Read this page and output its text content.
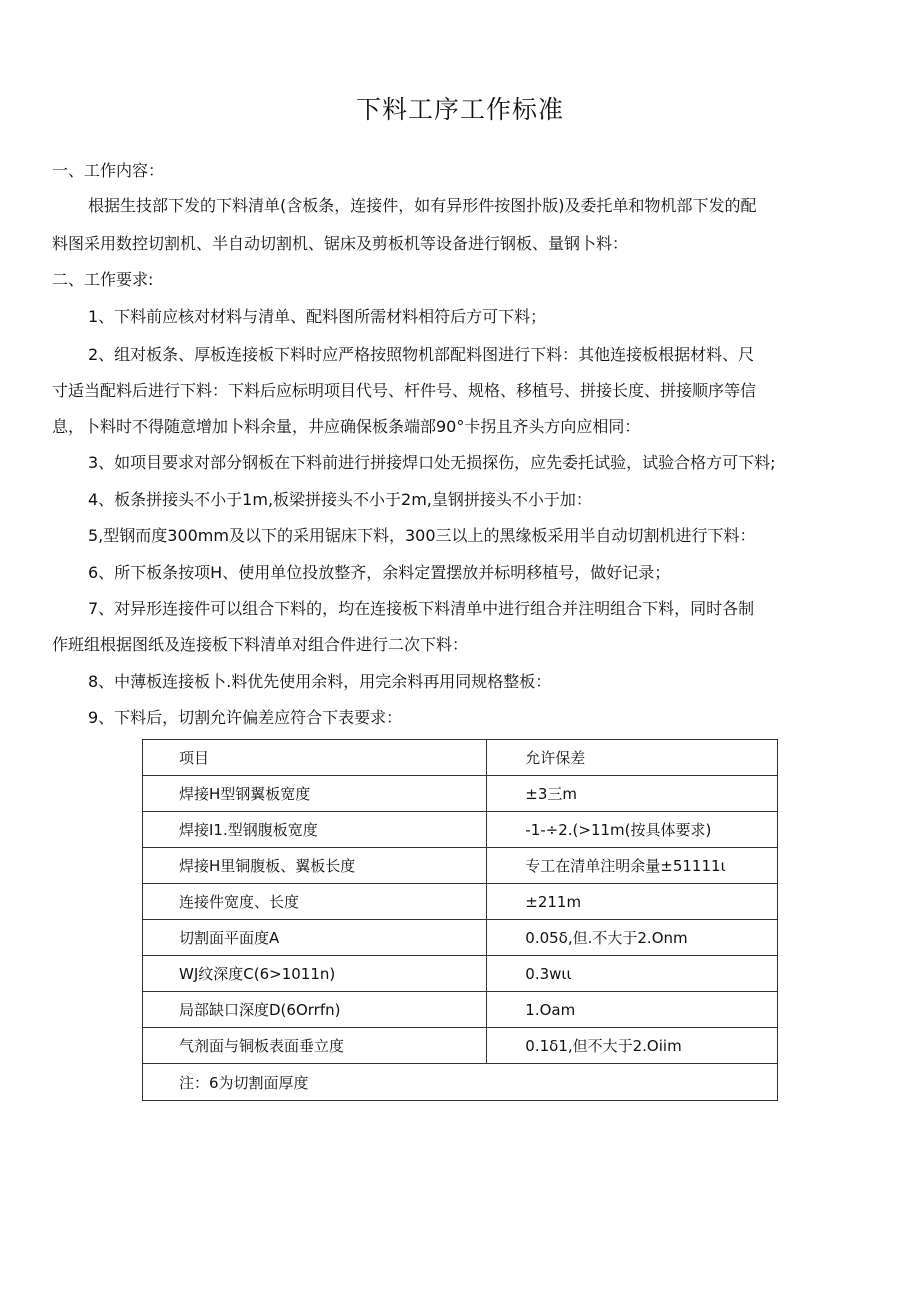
下料工序工作标准
一、工作内容：
根据生技部下发的下料清单(含板条，连接件，如有异形件按图扑版)及委托单和物机部下发的配
料图采用数控切割机、半自动切割机、锯床及剪板机等设备进行钢板、量钢卜料：
二、工作要求:
1、下料前应核对材料与清单、配料图所需材料相符后方可下料；
2、组对板条、厚板连接板下料时应严格按照物机部配料图进行下料：其他连接板根据材料、尺
寸适当配料后进行下料：下料后应标明项目代号、杆件号、规格、移植号、拼接长度、拼接顺序等信
息，卜料时不得随意增加卜料余量，井应确保板条端部90°卡拐且齐头方向应相同：
3、如项目要求对部分钢板在下料前进行拼接焊口处无损探伤，应先委托试验，试验合格方可下料;
4、板条拼接头不小于1m,板梁拼接头不小于2m,皇钢拼接头不小于加：
5,型钢而度300mm及以下的采用锯床下料，300三以上的黑缘板采用半自动切割机进行下料：
6、所下板条按项H、使用单位投放整齐，余料定置摆放并标明移植号，做好记录；
7、对异形连接件可以组合下料的，均在连接板下料清单中进行组合并注明组合下料，同时各制
作班组根据图纸及连接板下料清单对组合件进行二次下料：
8、中薄板连接板卜.料优先使用余料，用完余料再用同规格整板：
9、下料后，切割允许偏差应符合下表要求：
项目	允许保差
焊接H型钢翼板宽度	±3三m
焊接I1.型钢腹板宽度	-1-÷2.(>11m(按具体要求)
焊接H里铜腹板、翼板长度	专工在清单注明余量±51111ι
连接件宽度、长度	±211m
切割面平面度A	0.05δ,但.不大于2.Onm
WJ纹深度C(6>1011n)	0.3wιι
局部缺口深度D(6Orrfn)	1.Oam
气剂面与铜板表面垂立度	0.1δ1,但不大于2.Oiim
注：6为切割面厚度	
